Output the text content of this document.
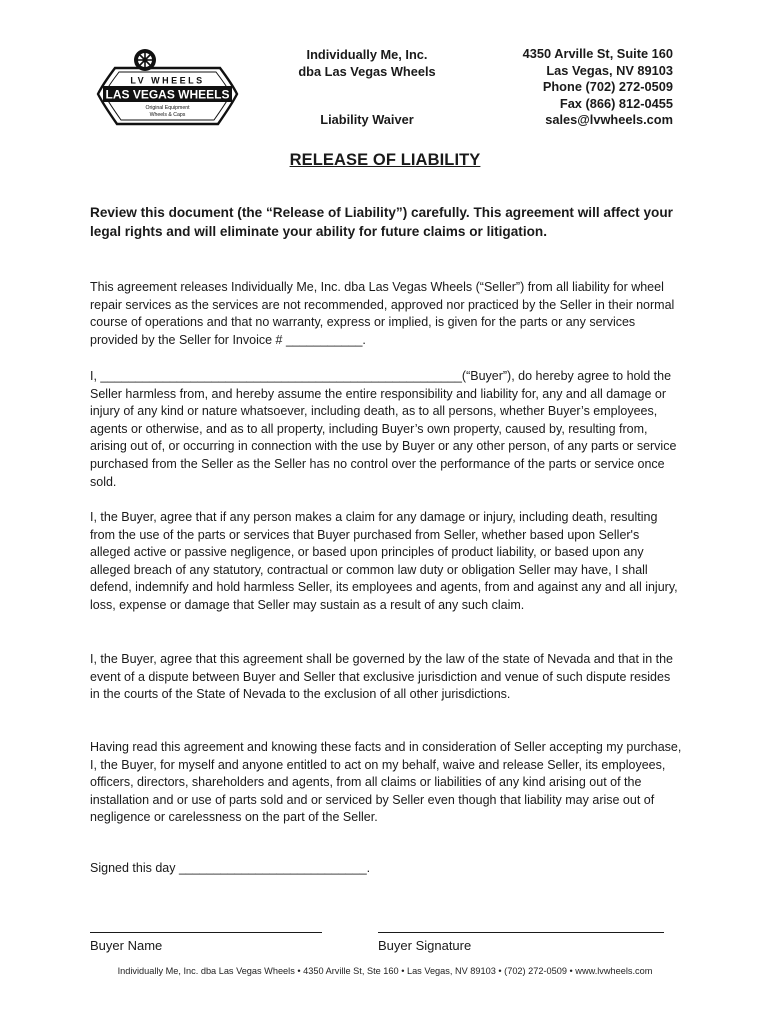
LV WHEELS
LAS VEGAS WHEELS
Original Equipment
Wheels & Caps
Individually Me, Inc.
dba Las Vegas Wheels
Liability Waiver
4350 Arville St, Suite 160
Las Vegas, NV 89103
Phone (702) 272-0509
Fax (866) 812-0455
sales@lvwheels.com
RELEASE OF LIABILITY
Review this document (the “Release of Liability”) carefully. This agreement will affect your legal rights and will eliminate your ability for future claims or litigation.
This agreement releases Individually Me, Inc. dba Las Vegas Wheels (“Seller”) from all liability for wheel repair services as the services are not recommended, approved nor practiced by the Seller in their normal course of operations and that no warranty, express or implied, is given for the parts or any services provided by the Seller for Invoice # ___________.
I, ____________________________________________________(“Buyer”), do hereby agree to hold the Seller harmless from, and hereby assume the entire responsibility and liability for, any and all damage or injury of any kind or nature whatsoever, including death, as to all persons, whether Buyer’s employees, agents or otherwise, and as to all property, including Buyer’s own property, caused by, resulting from, arising out of, or occurring in connection with the use by Buyer or any other person, of any parts or service purchased from the Seller as the Seller has no control over the performance of the parts or service once sold.
I, the Buyer, agree that if any person makes a claim for any damage or injury, including death, resulting from the use of the parts or services that Buyer purchased from Seller, whether based upon Seller's alleged active or passive negligence, or based upon principles of product liability, or based upon any alleged breach of any statutory, contractual or common law duty or obligation Seller may have, I shall defend, indemnify and hold harmless Seller, its employees and agents, from and against any and all injury, loss, expense or damage that Seller may sustain as a result of any such claim.
I, the Buyer, agree that this agreement shall be governed by the law of the state of Nevada and that in the event of a dispute between Buyer and Seller that exclusive jurisdiction and venue of such dispute resides in the courts of the State of Nevada to the exclusion of all other jurisdictions.
Having read this agreement and knowing these facts and in consideration of Seller accepting my purchase, I, the Buyer, for myself and anyone entitled to act on my behalf, waive and release Seller, its employees, officers, directors, shareholders and agents, from all claims or liabilities of any kind arising out of the installation and or use of parts sold and or serviced by Seller even though that liability may arise out of negligence or carelessness on the part of the Seller.
Signed this day ___________________________.
Buyer Name	Buyer Signature
Individually Me, Inc. dba Las Vegas Wheels • 4350 Arville St, Ste 160 • Las Vegas, NV 89103 • (702) 272-0509 • www.lvwheels.com
